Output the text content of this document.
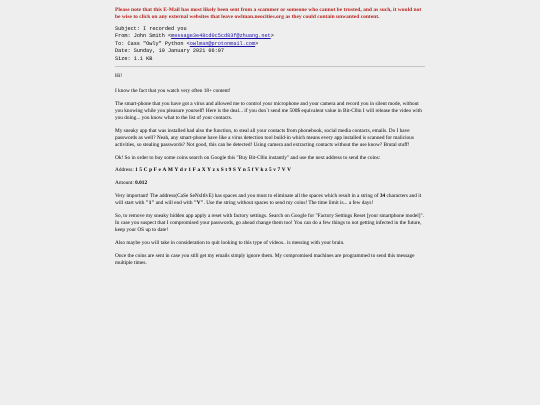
Please note that this E-Mail has most likely been sent from a scammer or someone who cannot be trusted, and as such, it would not be wise to click on any external websites that leave owlman.neocities.org as they could contain unwanted content.

Subject: I recorded you
From: John Smith <message3e48cd0c5cd83f@zhuang.net>
To: Cass "Owly" Python <owlman@protonmail.com>
Date: Sunday, 10 January 2021 06:07
Size: 1.1 KB

Hi!

I know the fact that you watch very often 18+ content!

The smart-phone that you have got a virus and allowed me to control your microphone and your camera and record you in silent mode, without you knowing while you pleasure yourself! Here is the deal... if you don`t send me 500$ equivalent value in Bit-C0in I will release the video with you doing... you know what to the list of your contacts.

My sneaky app that was installed had also the function, to steal all your contacts from phonebook, social media contacts, emails. Do I have passwords as well? Neah, any smart-phone have like a virus detection tool build-in which means every app installed is scanned for malicious activities, so stealing passwords? Not good, this can be detected! Using camera and extracting contacts without the use know? Brutal stuff!

Ok! So in order to buy some coins search on Google this "Buy Bit-C0in instantly" and use the next address to send the coins:

Address: 1 5 C p F e A M Y d r 1 F a X Y z x S t 9 S Y n 5 f V k z 5 v 7 V V

Amount: 0.012

Very important! The address(CaSe SeNsItIvE) has spaces and you must to eliminate all the spaces which result in a string of 34 characters and it will start with "1" and will end with "V". Use the string without spaces to send my coins! The time limit is... a few days!

So, to remove my sneaky hidden app apply a reset with factory settings. Search on Google for "Factory Settings Reset [your smartphone model]". In case you suspect that I compromised your passwords, go ahead change them too! You can do a few things to not getting infected in the future, keep your OS up to date!

Also maybe you will take in consideration to quit looking to this type of videos.. is messing with your brain.

Once the coins are sent in case you still get my emails simply ignore them. My compromised machines are programmed to send this message multiple times.
